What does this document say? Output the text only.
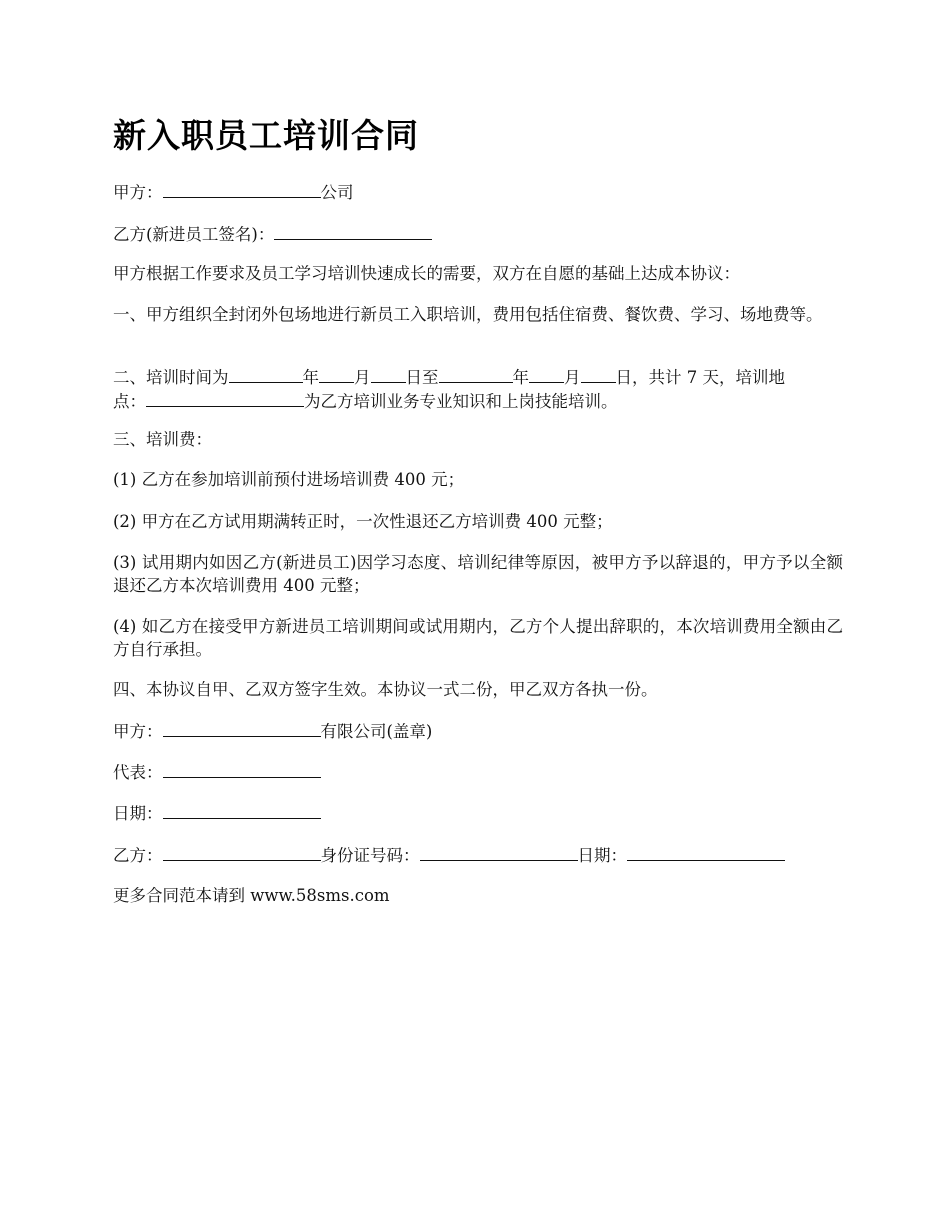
新入职员工培训合同

甲方：	公司

乙方(新进员工签名)：

甲方根据工作要求及员工学习培训快速成长的需要，双方在自愿的基础上达成本协议：

一、甲方组织全封闭外包场地进行新员工入职培训，费用包括住宿费、餐饮费、学习、场地费等。

二、培训时间为	年 月 日至	年 月 日，共计 7 天，培训地
点：	为乙方培训业务专业知识和上岗技能培训。

三、培训费：

(1) 乙方在参加培训前预付进场培训费 400 元；

(2) 甲方在乙方试用期满转正时，一次性退还乙方培训费 400 元整；

(3) 试用期内如因乙方(新进员工)因学习态度、培训纪律等原因，被甲方予以辞退的，甲方予以全额退还乙方本次培训费用 400 元整；

(4) 如乙方在接受甲方新进员工培训期间或试用期内，乙方个人提出辞职的，本次培训费用全额由乙方自行承担。

四、本协议自甲、乙双方签字生效。本协议一式二份，甲乙双方各执一份。

甲方：	有限公司(盖章)

代表：

日期：

乙方：	身份证号码：	日期：

更多合同范本请到 www.58sms.com
